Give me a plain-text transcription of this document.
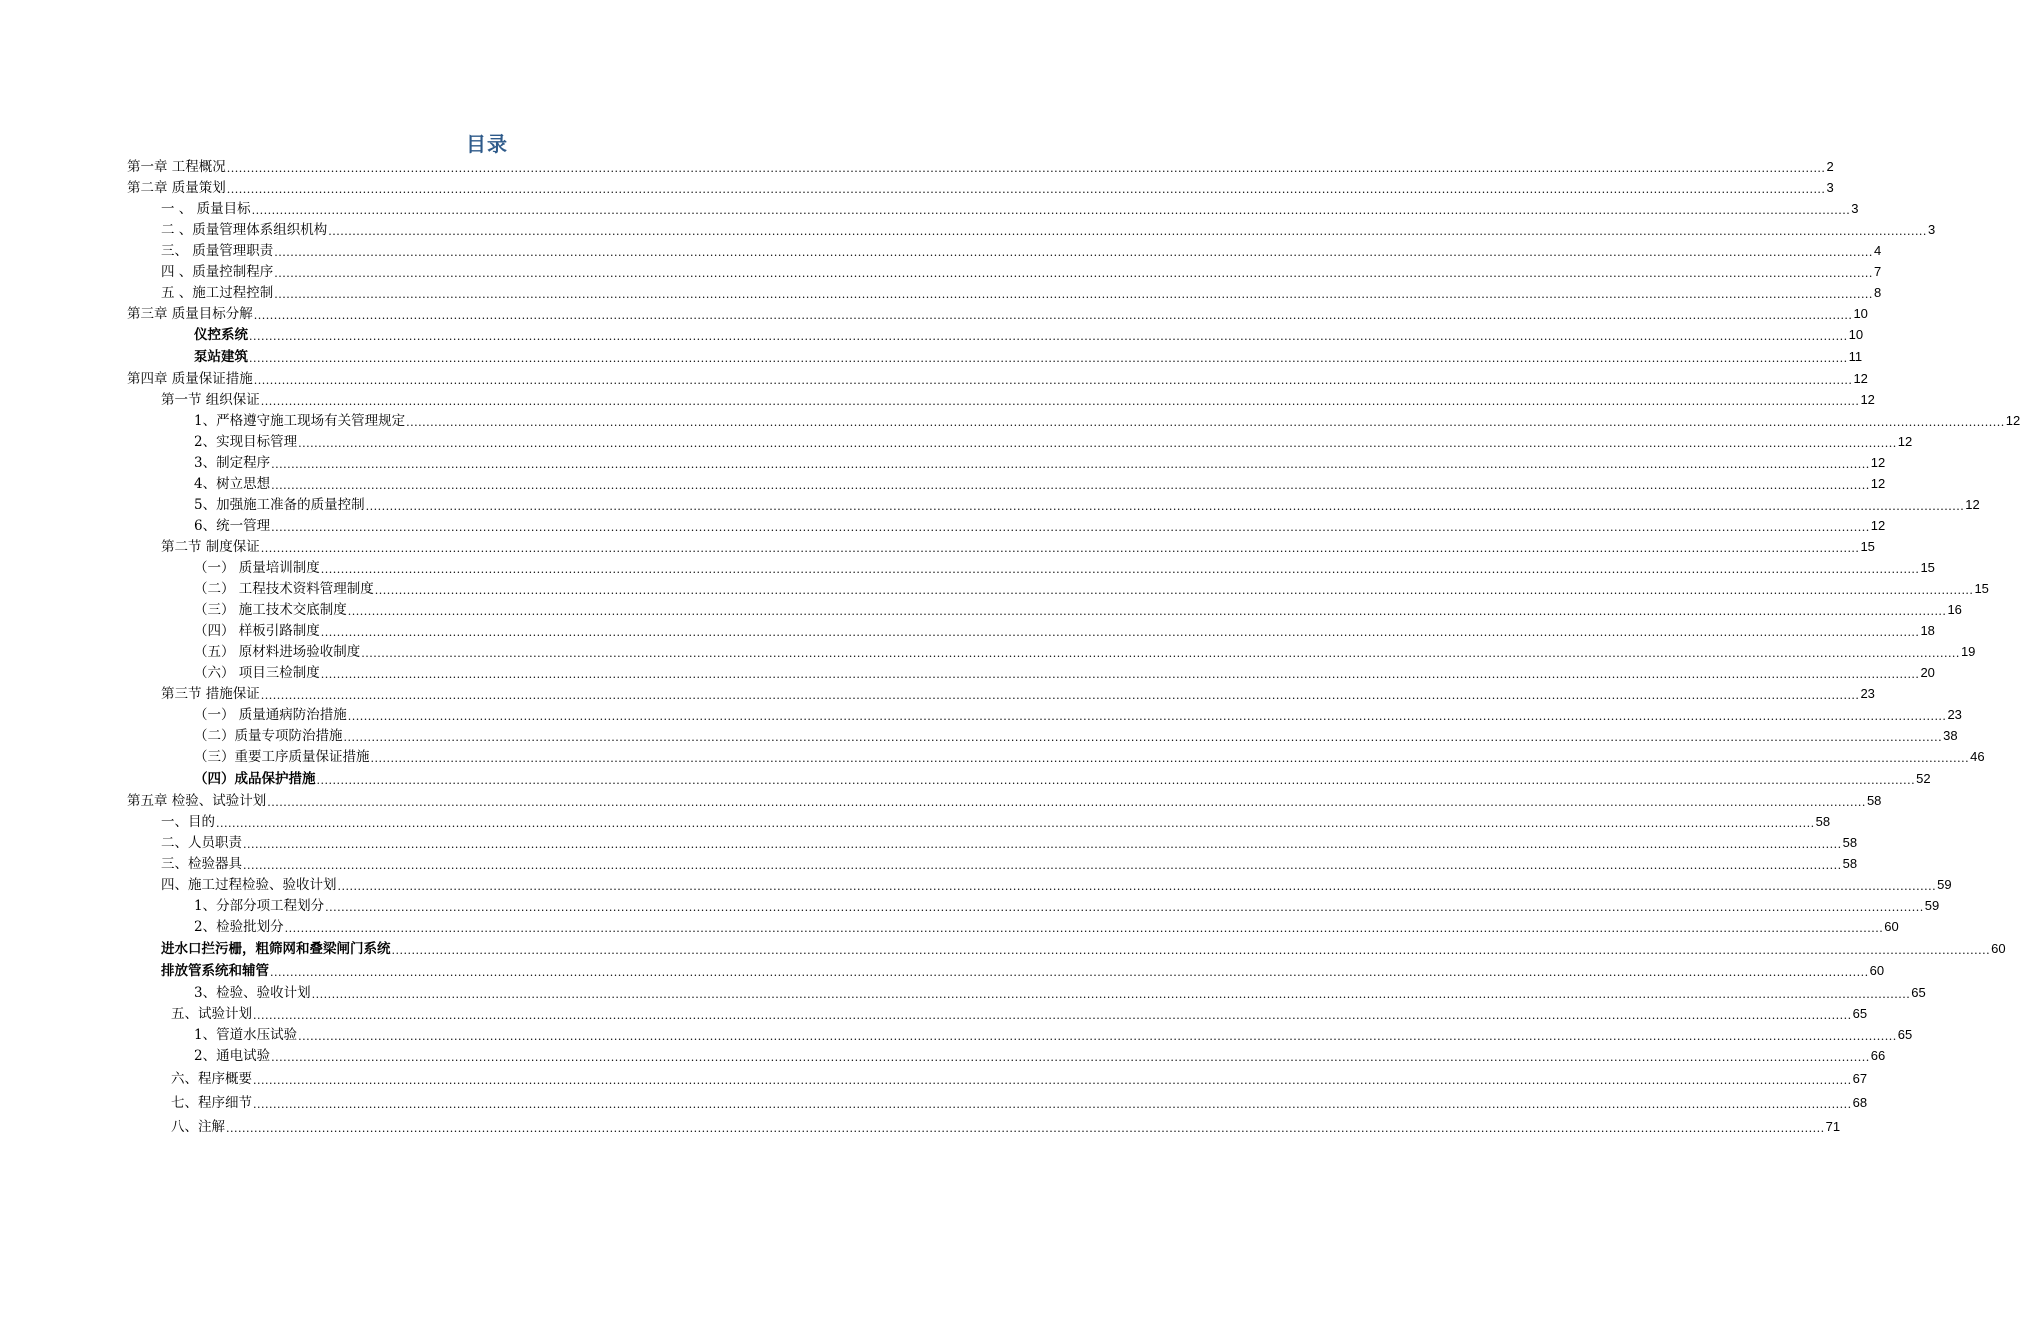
目录
第一章 工程概况 ................................................................................................................................................................................................................................................................................................................................................................................................................ 2
第二章 质量策划 ................................................................................................................................................................................................................................................................................................................................................................................................................ 3
一 、 质量目标 ................................................................................................................................................................................................................................................................................................................................................................................................................ 3
二 、质量管理体系组织机构 ................................................................................................................................................................................................................................................................................................................................................................................................................ 3
三、 质量管理职责 ................................................................................................................................................................................................................................................................................................................................................................................................................ 4
四 、质量控制程序 ................................................................................................................................................................................................................................................................................................................................................................................................................ 7
五 、施工过程控制 ................................................................................................................................................................................................................................................................................................................................................................................................................ 8
第三章 质量目标分解 ................................................................................................................................................................................................................................................................................................................................................................................................................ 10
仪控系统 ................................................................................................................................................................................................................................................................................................................................................................................................................ 10
泵站建筑 ................................................................................................................................................................................................................................................................................................................................................................................................................ 11
第四章 质量保证措施 ................................................................................................................................................................................................................................................................................................................................................................................................................ 12
第一节 组织保证 ................................................................................................................................................................................................................................................................................................................................................................................................................ 12
1、严格遵守施工现场有关管理规定 ................................................................................................................................................................................................................................................................................................................................................................................................................ 12
2、实现目标管理 ................................................................................................................................................................................................................................................................................................................................................................................................................ 12
3、制定程序 ................................................................................................................................................................................................................................................................................................................................................................................................................ 12
4、树立思想 ................................................................................................................................................................................................................................................................................................................................................................................................................ 12
5、加强施工准备的质量控制 ................................................................................................................................................................................................................................................................................................................................................................................................................ 12
6、统一管理 ................................................................................................................................................................................................................................................................................................................................................................................................................ 12
第二节 制度保证 ................................................................................................................................................................................................................................................................................................................................................................................................................ 15
（一） 质量培训制度 ................................................................................................................................................................................................................................................................................................................................................................................................................ 15
（二） 工程技术资料管理制度 ................................................................................................................................................................................................................................................................................................................................................................................................................ 15
（三） 施工技术交底制度 ................................................................................................................................................................................................................................................................................................................................................................................................................ 16
（四） 样板引路制度 ................................................................................................................................................................................................................................................................................................................................................................................................................ 18
（五） 原材料进场验收制度 ................................................................................................................................................................................................................................................................................................................................................................................................................ 19
（六） 项目三检制度 ................................................................................................................................................................................................................................................................................................................................................................................................................ 20
第三节 措施保证 ................................................................................................................................................................................................................................................................................................................................................................................................................ 23
（一） 质量通病防治措施 ................................................................................................................................................................................................................................................................................................................................................................................................................ 23
（二）质量专项防治措施 ................................................................................................................................................................................................................................................................................................................................................................................................................ 38
（三）重要工序质量保证措施 ................................................................................................................................................................................................................................................................................................................................................................................................................ 46
（四）成品保护措施 ................................................................................................................................................................................................................................................................................................................................................................................................................ 52
第五章 检验、试验计划 ................................................................................................................................................................................................................................................................................................................................................................................................................ 58
一、目的 ................................................................................................................................................................................................................................................................................................................................................................................................................ 58
二、人员职责 ................................................................................................................................................................................................................................................................................................................................................................................................................ 58
三、检验器具 ................................................................................................................................................................................................................................................................................................................................................................................................................ 58
四、施工过程检验、验收计划 ................................................................................................................................................................................................................................................................................................................................................................................................................ 59
1、分部分项工程划分 ................................................................................................................................................................................................................................................................................................................................................................................................................ 59
2、检验批划分 ................................................................................................................................................................................................................................................................................................................................................................................................................ 60
进水口拦污栅，粗筛网和叠梁闸门系统 ................................................................................................................................................................................................................................................................................................................................................................................................................ 60
排放管系统和辅管 ................................................................................................................................................................................................................................................................................................................................................................................................................ 60
3、检验、验收计划 ................................................................................................................................................................................................................................................................................................................................................................................................................ 65
五、试验计划 ................................................................................................................................................................................................................................................................................................................................................................................................................ 65
1、管道水压试验 ................................................................................................................................................................................................................................................................................................................................................................................................................ 65
2、通电试验 ................................................................................................................................................................................................................................................................................................................................................................................................................ 66
六、程序概要 ................................................................................................................................................................................................................................................................................................................................................................................................................ 67
七、程序细节 ................................................................................................................................................................................................................................................................................................................................................................................................................ 68
八、注解 ................................................................................................................................................................................................................................................................................................................................................................................................................ 71
